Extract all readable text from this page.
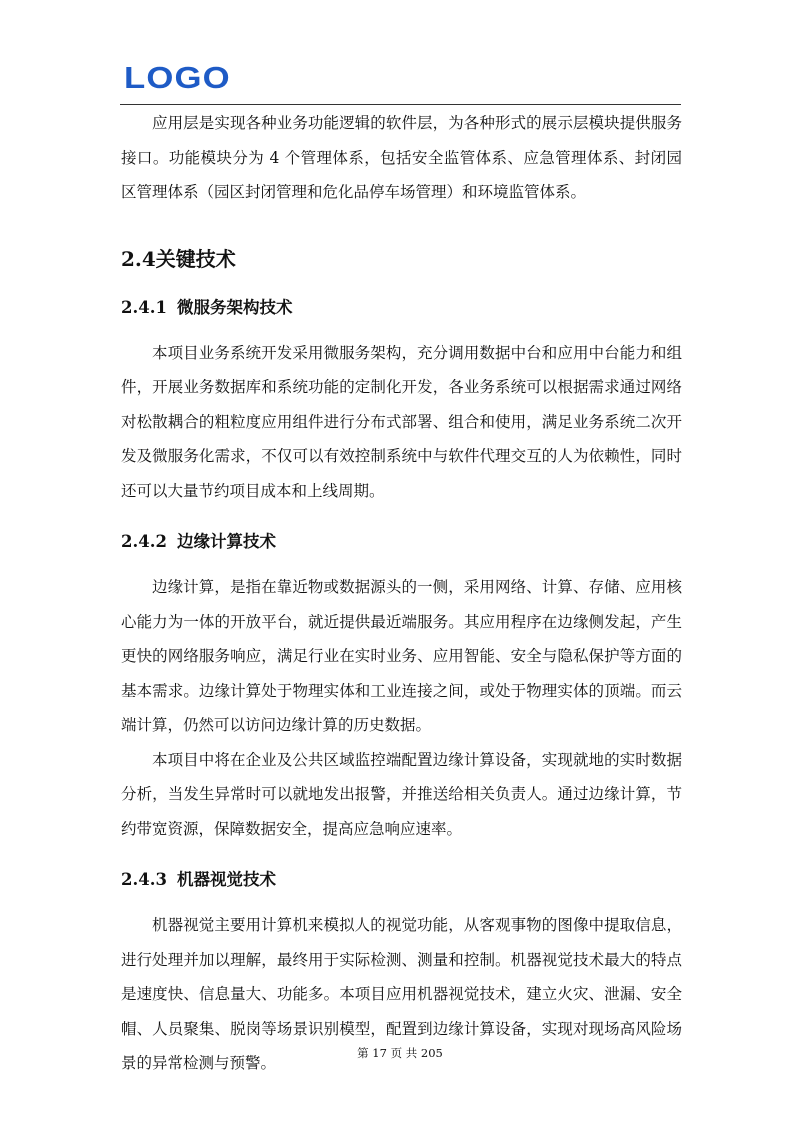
LOGO

应用层是实现各种业务功能逻辑的软件层，为各种形式的展示层模块提供服务接口。功能模块分为 4 个管理体系，包括安全监管体系、应急管理体系、封闭园区管理体系（园区封闭管理和危化品停车场管理）和环境监管体系。

2.4关键技术
2.4.1 微服务架构技术

本项目业务系统开发采用微服务架构，充分调用数据中台和应用中台能力和组件，开展业务数据库和系统功能的定制化开发，各业务系统可以根据需求通过网络对松散耦合的粗粒度应用组件进行分布式部署、组合和使用，满足业务系统二次开发及微服务化需求，不仅可以有效控制系统中与软件代理交互的人为依赖性，同时还可以大量节约项目成本和上线周期。

2.4.2 边缘计算技术

边缘计算，是指在靠近物或数据源头的一侧，采用网络、计算、存储、应用核心能力为一体的开放平台，就近提供最近端服务。其应用程序在边缘侧发起，产生更快的网络服务响应，满足行业在实时业务、应用智能、安全与隐私保护等方面的基本需求。边缘计算处于物理实体和工业连接之间，或处于物理实体的顶端。而云端计算，仍然可以访问边缘计算的历史数据。

本项目中将在企业及公共区域监控端配置边缘计算设备，实现就地的实时数据分析，当发生异常时可以就地发出报警，并推送给相关负责人。通过边缘计算，节约带宽资源，保障数据安全，提高应急响应速率。

2.4.3 机器视觉技术

机器视觉主要用计算机来模拟人的视觉功能，从客观事物的图像中提取信息，进行处理并加以理解，最终用于实际检测、测量和控制。机器视觉技术最大的特点是速度快、信息量大、功能多。本项目应用机器视觉技术，建立火灾、泄漏、安全帽、人员聚集、脱岗等场景识别模型，配置到边缘计算设备，实现对现场高风险场景的异常检测与预警。

第 17 页 共 205
